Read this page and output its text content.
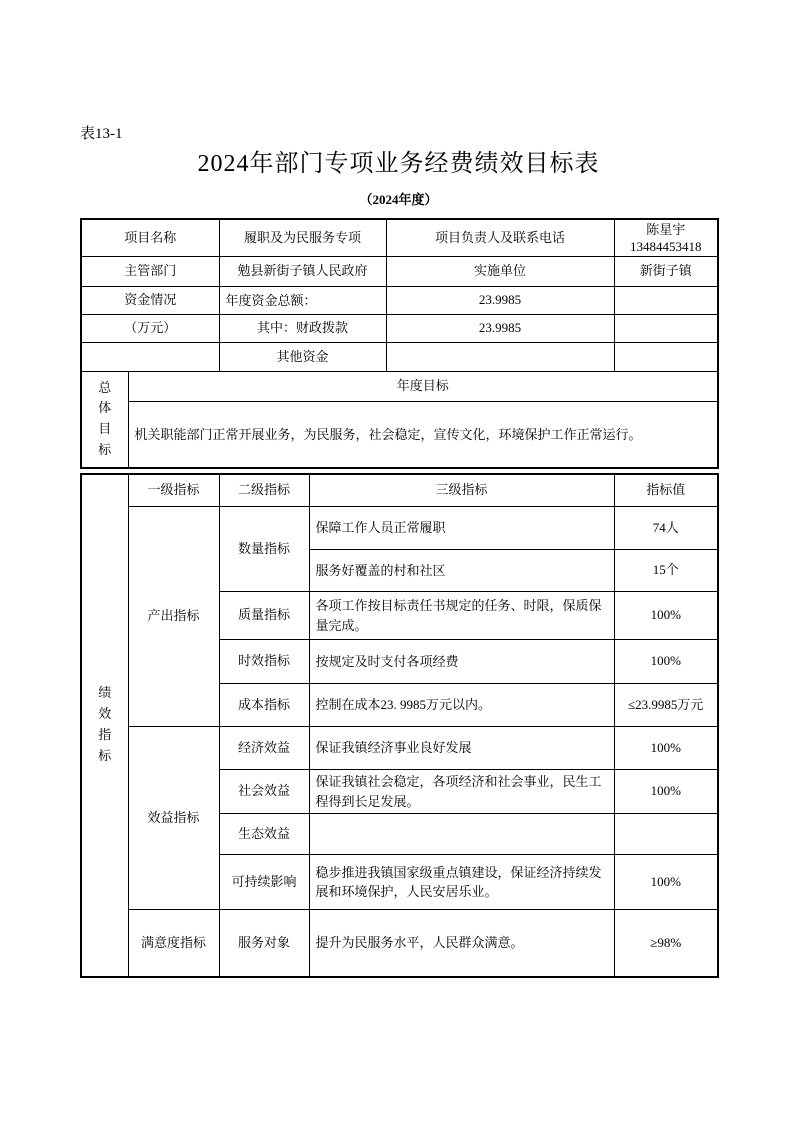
表13-1
2024年部门专项业务经费绩效目标表
（2024年度）
项目名称		履职及为民服务专项	项目负责人及联系电话	陈星宇
13484453418

主管部门		勉县新街子镇人民政府	实施单位	新街子镇
资金情况		年度资金总额：	23.9985	
（万元）		其中：财政拨款	23.9985	
		其他资金		

总体目标	年度目标			
	机关职能部门正常开展业务，为民服务，社会稳定，宣传文化，环境保护工作正常运行。			
绩效指标	一级指标	二级指标	三级指标	指标值
	产出指标	数量指标	保障工作人员正常履职	74人
			服务好覆盖的村和社区	15个
		质量指标	各项工作按目标责任书规定的任务、时限，保质保量完成。	100%
		时效指标	按规定及时支付各项经费	100%
		成本指标	控制在成本23. 9985万元以内。	≤23.9985万元
	效益指标	经济效益	保证我镇经济事业良好发展	100%
		社会效益	保证我镇社会稳定，各项经济和社会事业，民生工程得到长足发展。	100%
		生态效益		
		可持续影响	稳步推进我镇国家级重点镇建设，保证经济持续发展和环境保护，人民安居乐业。	100%
	满意度指标	服务对象	提升为民服务水平，人民群众满意。	≥98%
